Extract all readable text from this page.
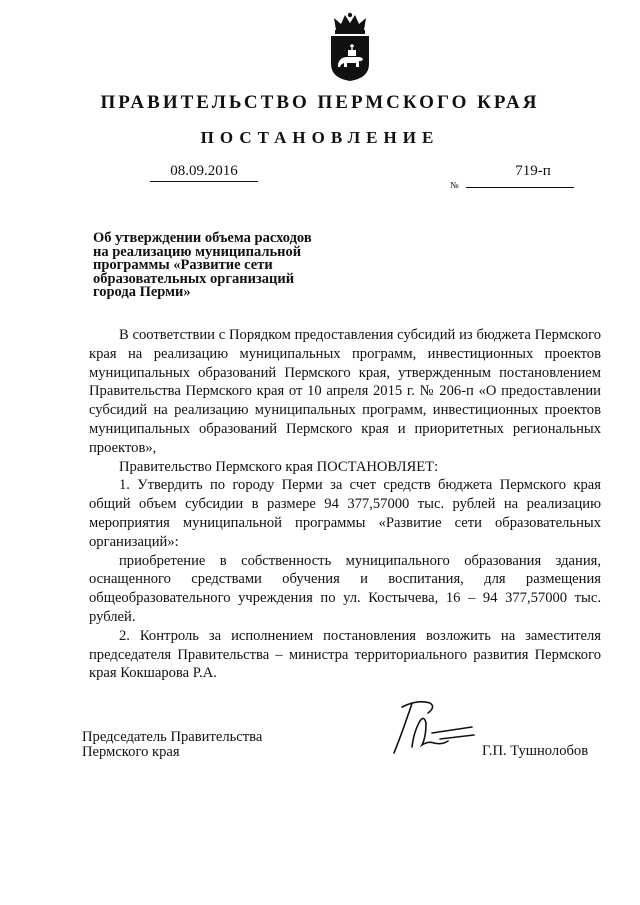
ПРАВИТЕЛЬСТВО ПЕРМСКОГО КРАЯ
ПОСТАНОВЛЕНИЕ
08.09.2016
№
719-п
Об утверждении объема расходов
на реализацию муниципальной
программы «Развитие сети
образовательных организаций
города Перми»

В соответствии с Порядком предоставления субсидий из бюджета Пермского края на реализацию муниципальных программ, инвестиционных проектов муниципальных образований Пермского края, утвержденным постановлением Правительства Пермского края от 10 апреля 2015 г. № 206-п «О предоставлении субсидий на реализацию муниципальных программ, инвестиционных проектов муниципальных образований Пермского края и приоритетных региональных проектов»,

Правительство Пермского края ПОСТАНОВЛЯЕТ:

1. Утвердить по городу Перми за счет средств бюджета Пермского края общий объем субсидии в размере 94 377,57000 тыс. рублей на реализацию мероприятия муниципальной программы «Развитие сети образовательных организаций»:

приобретение в собственность муниципального образования здания, оснащенного средствами обучения и воспитания, для размещения общеобразовательного учреждения по ул. Костычева, 16 – 94 377,57000 тыс. рублей.

2. Контроль за исполнением постановления возложить на заместителя председателя Правительства – министра территориального развития Пермского края Кокшарова Р.А.

Председатель Правительства
Пермского края	Г.П. Тушнолобов
